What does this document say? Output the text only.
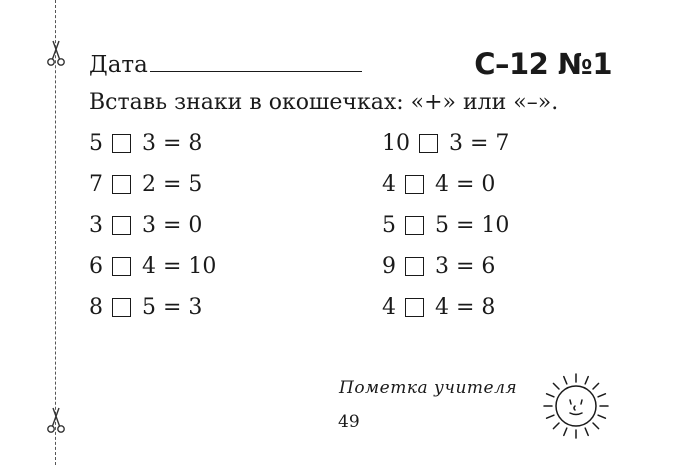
Дата	С–12 №1
Вставь знаки в окошечках: «+» или «–».
5 3 = 8
7 2 = 5
3 3 = 0
6 4 = 10
8 5 = 3
10 3 = 7
4 4 = 0
5 5 = 10
9 3 = 6
4 4 = 8
Пометка учителя
49
